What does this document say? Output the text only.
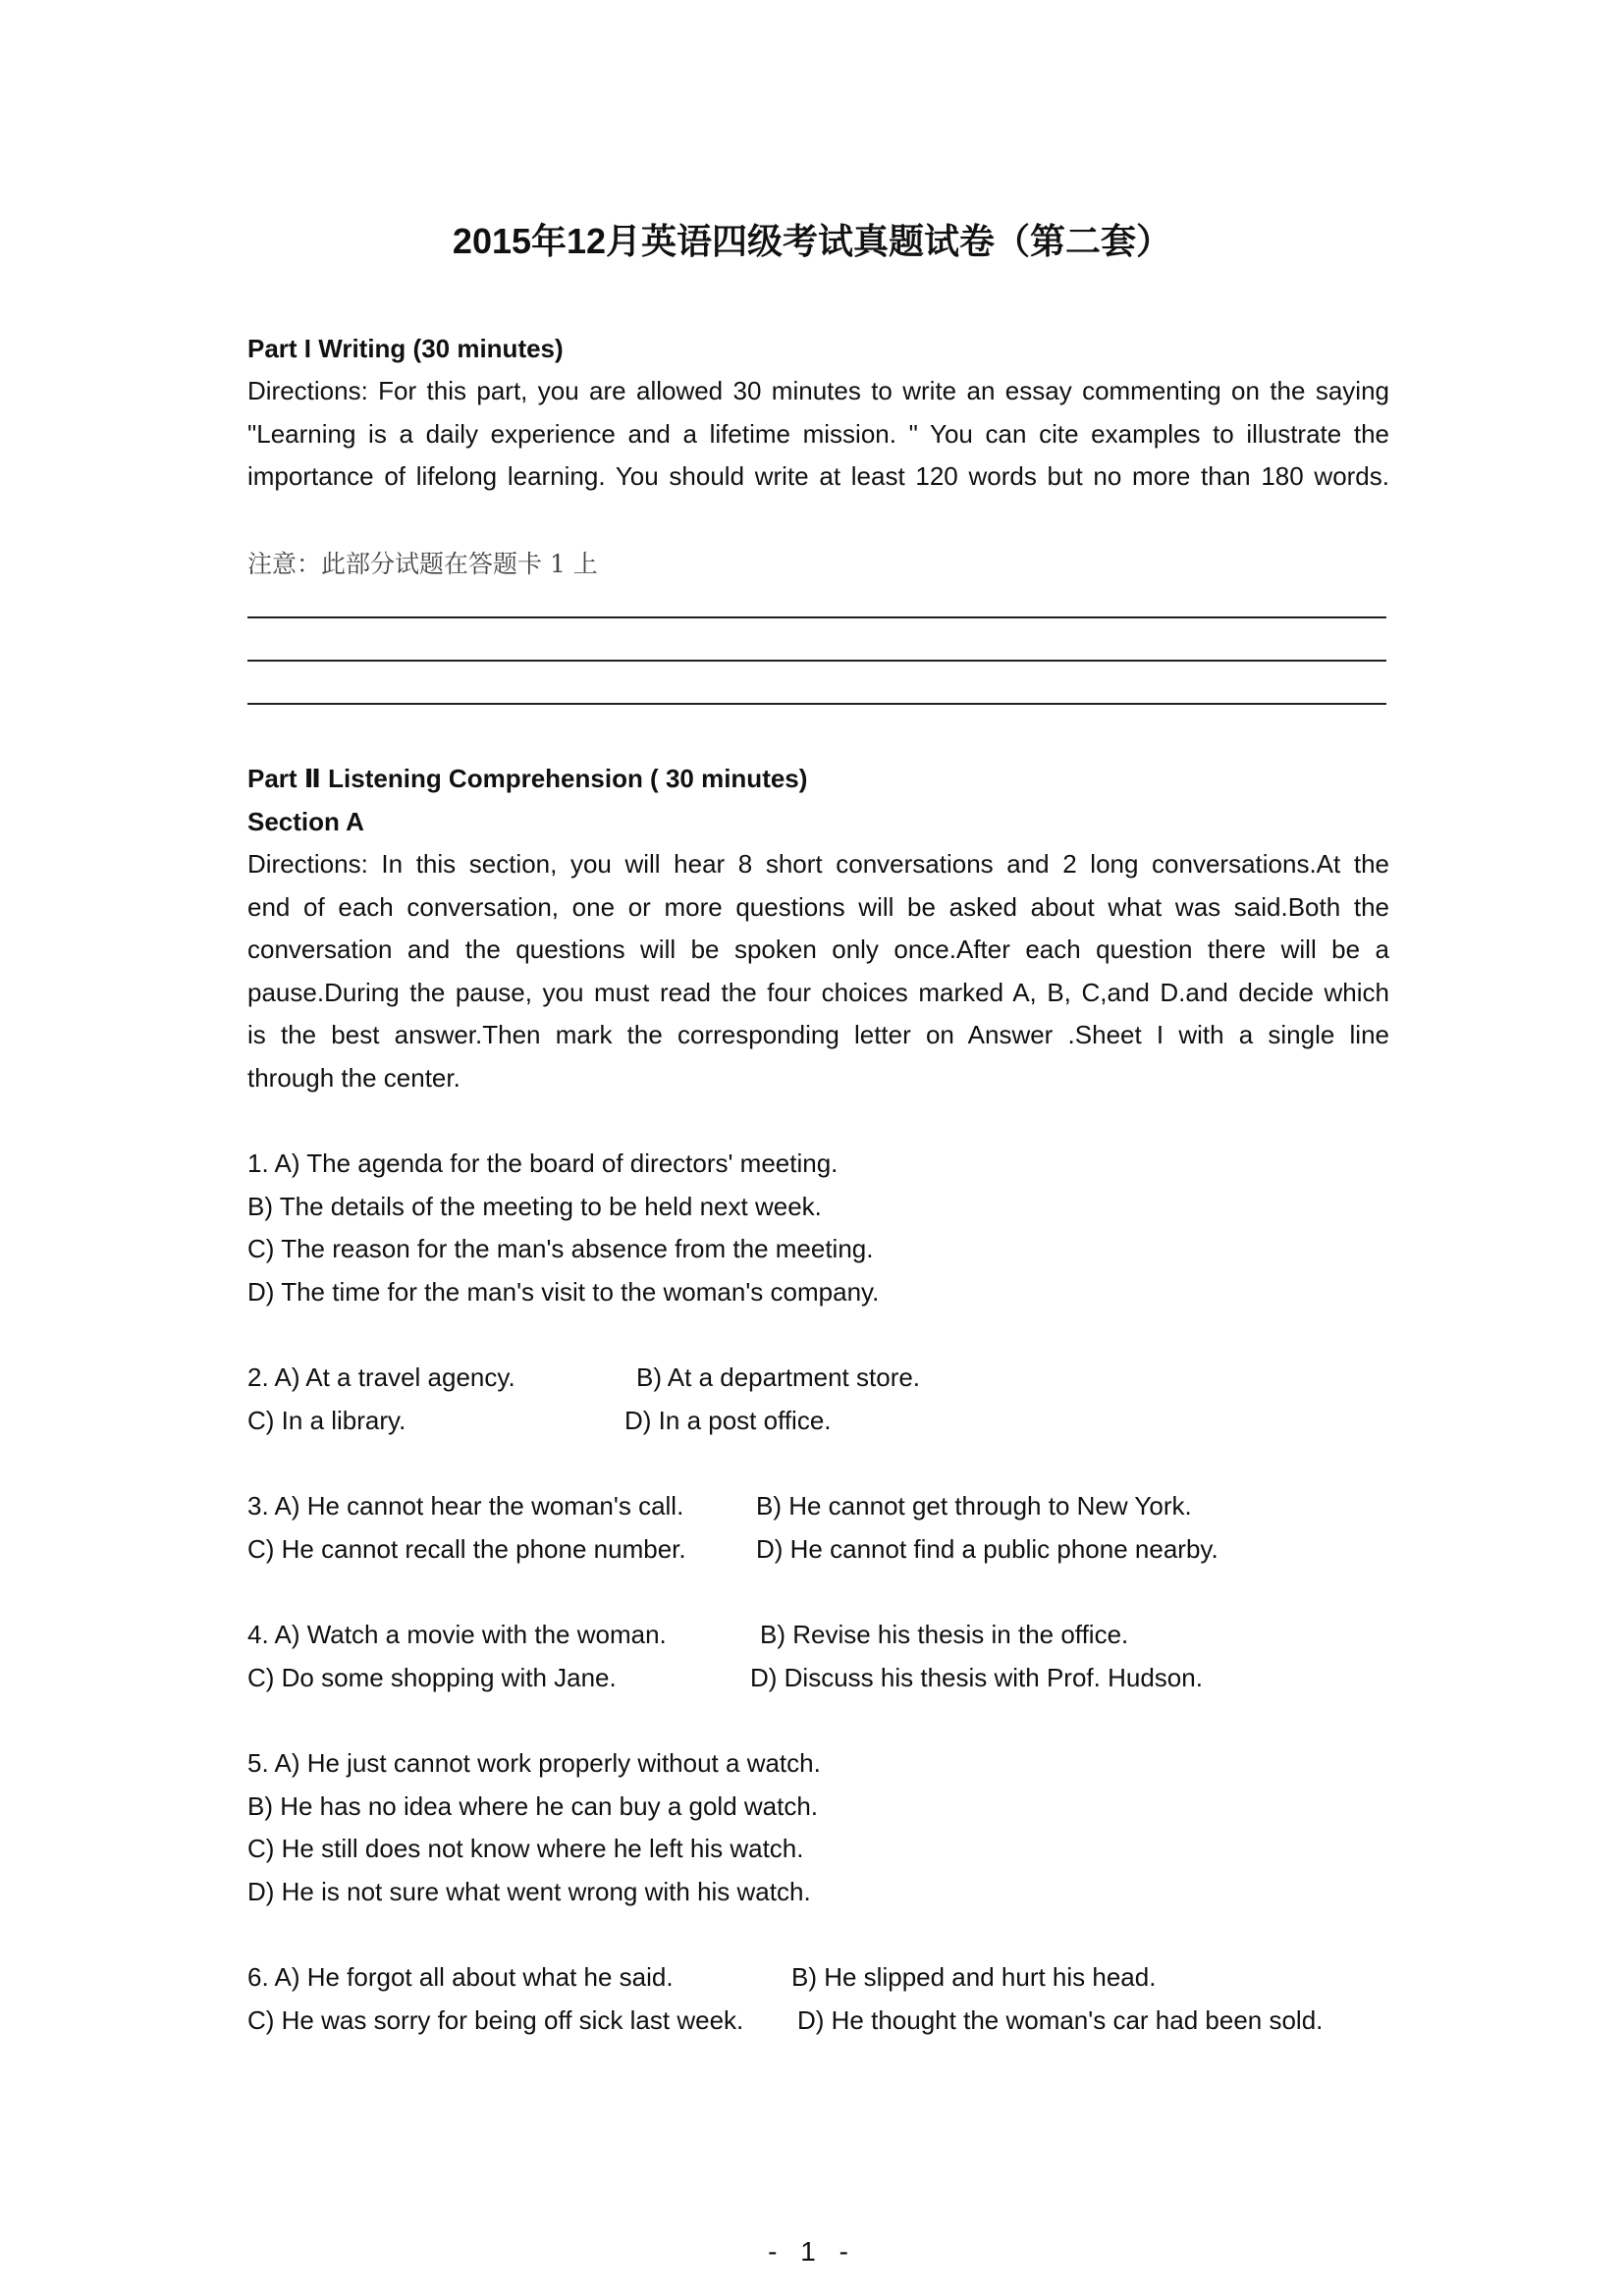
2015年12月英语四级考试真题试卷（第二套）
Part I Writing (30 minutes)
Directions: For this part, you are allowed 30 minutes to write an essay commenting on the saying
"Learning is a daily experience and a lifetime mission. " You can cite examples to illustrate the
importance of lifelong learning. You should write at least 120 words but no more than 180 words.
注意：此部分试题在答题卡 1 上
Part Ⅱ Listening Comprehension ( 30 minutes)
Section A
Directions: In this section, you will hear 8 short conversations and 2 long conversations.At the
end of each conversation, one or more questions will be asked about what was said.Both the
conversation and the questions will be spoken only once.After each question there will be a
pause.During the pause, you must read the four choices marked A, B, C,and D.and decide which
is the best answer.Then mark the corresponding letter on Answer .Sheet I with a single line
through the center.
1. A) The agenda for the board of directors' meeting.
B) The details of the meeting to be held next week.
C) The reason for the man's absence from the meeting.
D) The time for the man's visit to the woman's company.
2. A) At a travel agency.	B) At a department store.
C) In a library.	D) In a post office.
3. A) He cannot hear the woman's call.	B) He cannot get through to New York.
C) He cannot recall the phone number.	D) He cannot find a public phone nearby.
4. A) Watch a movie with the woman.	B) Revise his thesis in the office.
C) Do some shopping with Jane.	D) Discuss his thesis with Prof. Hudson.
5. A) He just cannot work properly without a watch.
B) He has no idea where he can buy a gold watch.
C) He still does not know where he left his watch.
D) He is not sure what went wrong with his watch.
6. A) He forgot all about what he said.	B) He slipped and hurt his head.
C) He was sorry for being off sick last week. D) He thought the woman's car had been sold.
- 1 -
